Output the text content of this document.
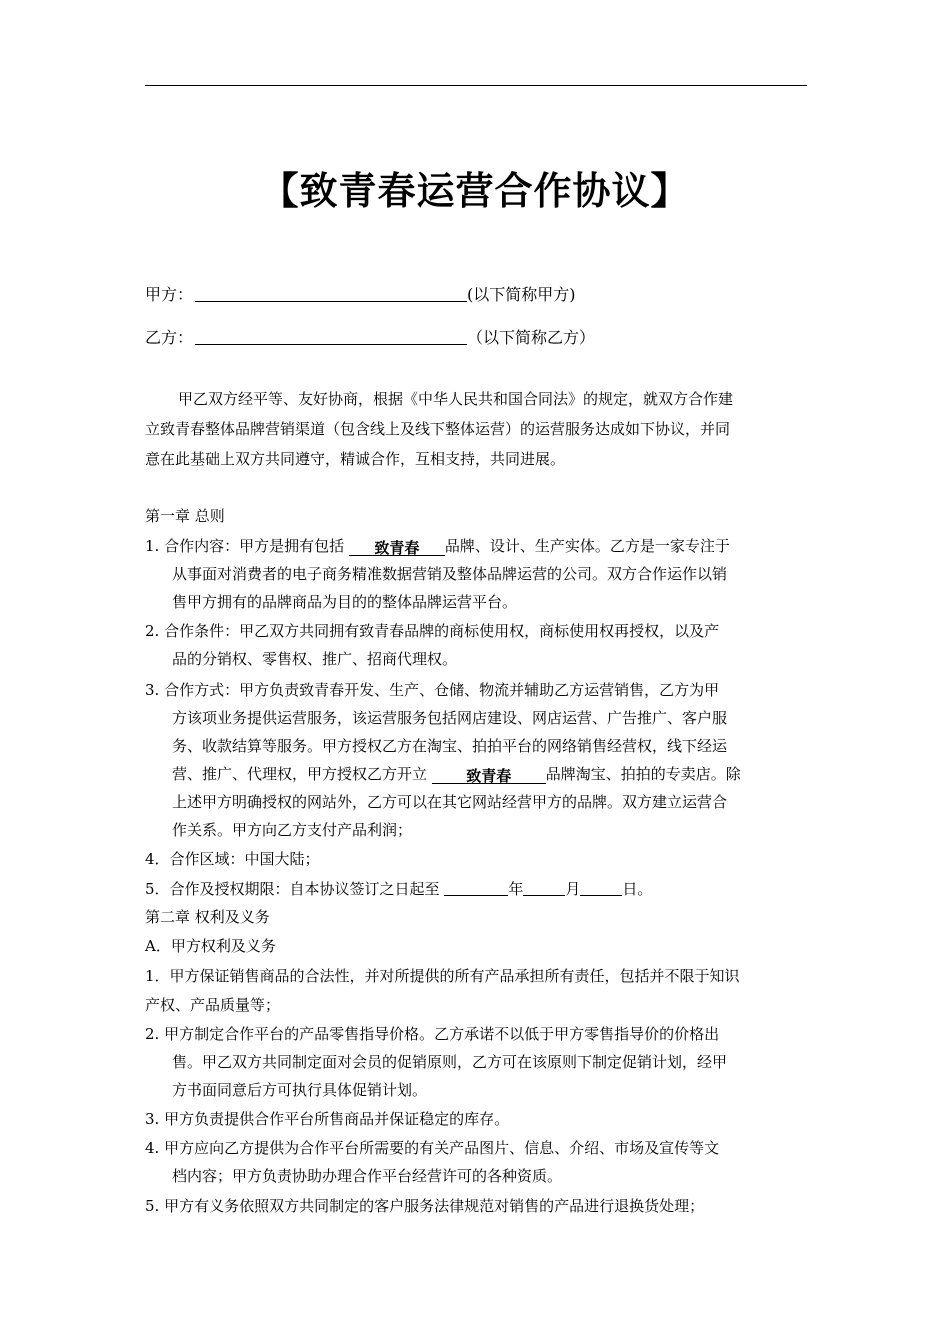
【致青春运营合作协议】
甲方：	(以下简称甲方)
乙方：	（以下简称乙方）
甲乙双方经平等、友好协商，根据《中华人民共和国合同法》的规定，就双方合作建
立致青春整体品牌营销渠道（包含线上及线下整体运营）的运营服务达成如下协议，并同
意在此基础上双方共同遵守，精诚合作，互相支持，共同进展。
第一章 总则
1. 合作内容：甲方是拥有包括 致青春 品牌、设计、生产实体。乙方是一家专注于
从事面对消费者的电子商务精准数据营销及整体品牌运营的公司。双方合作运作以销
售甲方拥有的品牌商品为目的的整体品牌运营平台。
2. 合作条件：甲乙双方共同拥有致青春品牌的商标使用权，商标使用权再授权，以及产
品的分销权、零售权、推广、招商代理权。
3. 合作方式：甲方负责致青春开发、生产、仓储、物流并辅助乙方运营销售，乙方为甲
方该项业务提供运营服务，该运营服务包括网店建设、网店运营、广告推广、客户服
务、收款结算等服务。甲方授权乙方在淘宝、拍拍平台的网络销售经营权，线下经运
营、推广、代理权，甲方授权乙方开立	致青春 品牌淘宝、拍拍的专卖店。除
上述甲方明确授权的网站外，乙方可以在其它网站经营甲方的品牌。双方建立运营合
作关系。甲方向乙方支付产品利润；
4．合作区域：中国大陆；
5．合作及授权期限：自本协议签订之日起至	年	月	日。
第二章 权利及义务
A．甲方权利及义务
1．甲方保证销售商品的合法性，并对所提供的所有产品承担所有责任，包括并不限于知识
产权、产品质量等；
2. 甲方制定合作平台的产品零售指导价格。乙方承诺不以低于甲方零售指导价的价格出
售。甲乙双方共同制定面对会员的促销原则，乙方可在该原则下制定促销计划，经甲
方书面同意后方可执行具体促销计划。
3. 甲方负责提供合作平台所售商品并保证稳定的库存。
4. 甲方应向乙方提供为合作平台所需要的有关产品图片、信息、介绍、市场及宣传等文
档内容；甲方负责协助办理合作平台经营许可的各种资质。
5. 甲方有义务依照双方共同制定的客户服务法律规范对销售的产品进行退换货处理；
